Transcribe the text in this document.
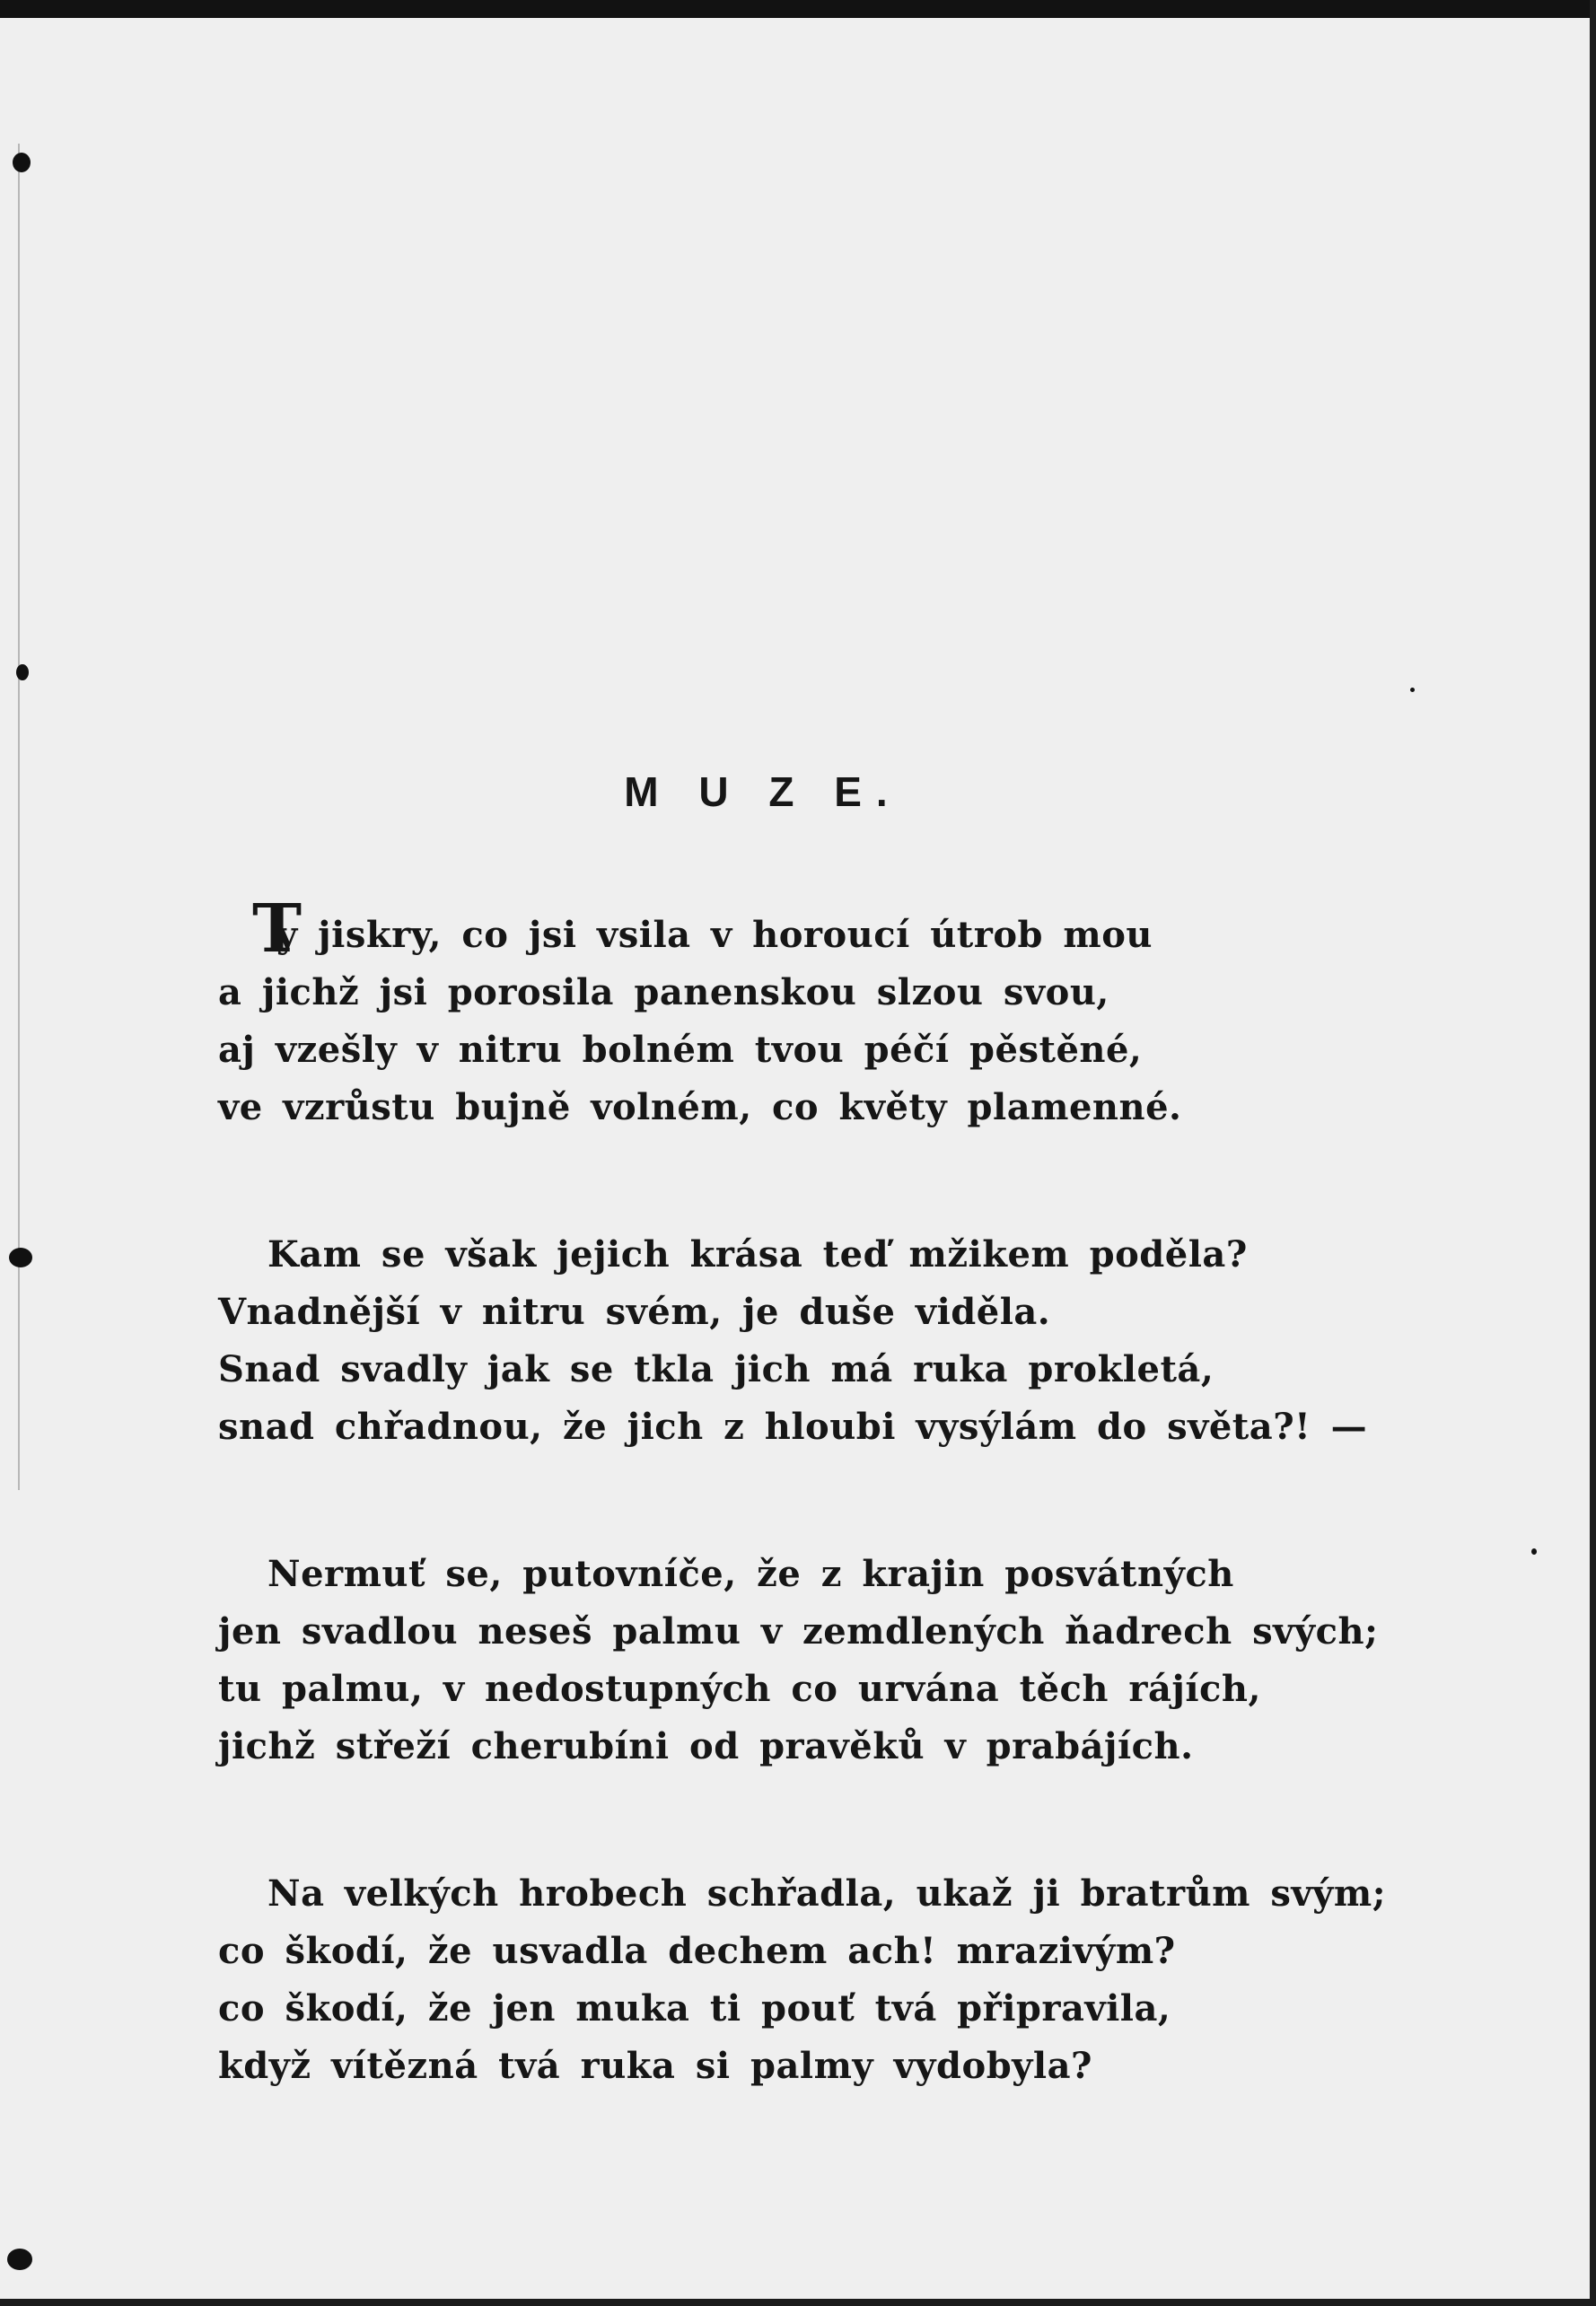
M U Z E.
T
y jiskry, co jsi vsila v horoucí útrob mou
a jichž jsi porosila panenskou slzou svou,
aj vzešly v nitru bolném tvou péčí pěstěné,
ve vzrůstu bujně volném, co květy plamenné.
Kam se však jejich krása teď mžikem poděla?
Vnadnější v nitru svém, je duše viděla.
Snad svadly jak se tkla jich má ruka prokletá,
snad chřadnou, že jich z hloubi vysýlám do světa?! —
Nermuť se, putovníče, že z krajin posvátných
jen svadlou neseš palmu v zemdlených ňadrech svých;
tu palmu, v nedostupných co urvána těch rájích,
jichž střeží cherubíni od pravěků v prabájích.
Na velkých hrobech schřadla, ukaž ji bratrům svým;
co škodí, že usvadla dechem ach! mrazivým?
co škodí, že jen muka ti pouť tvá připravila,
když vítězná tvá ruka si palmy vydobyla?
